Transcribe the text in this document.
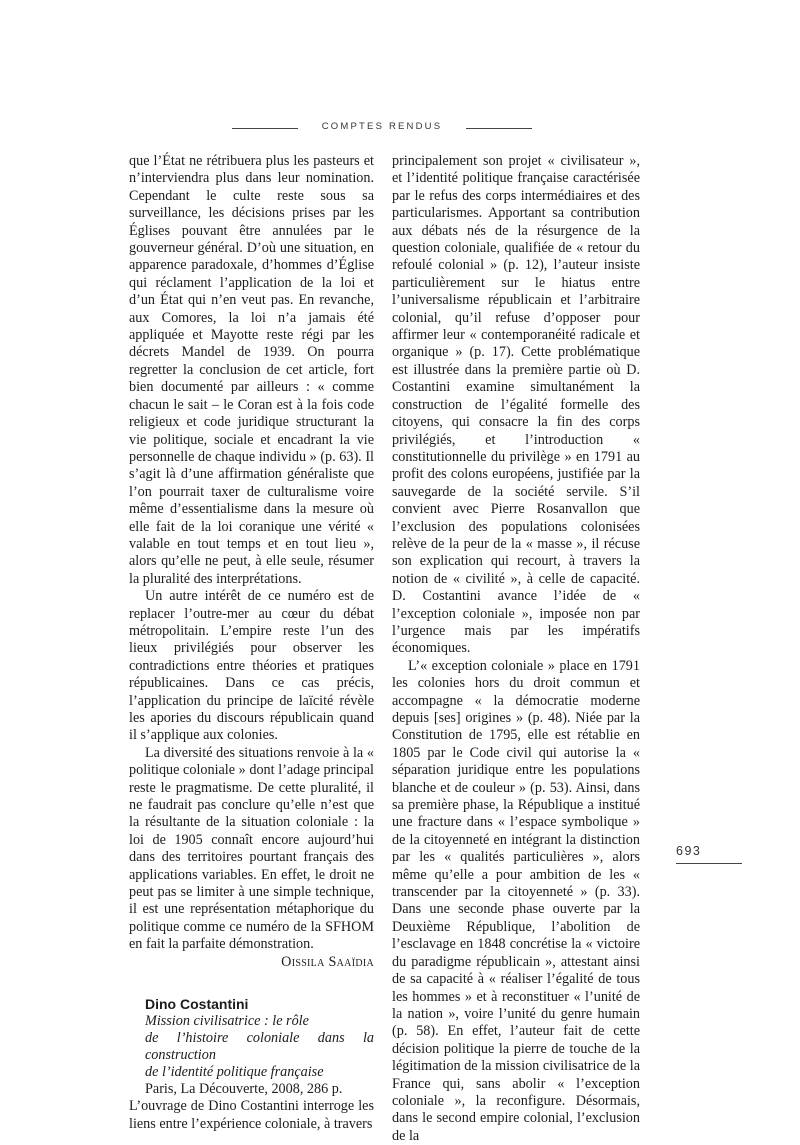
COMPTES RENDUS

que l’État ne rétribuera plus les pasteurs et n’interviendra plus dans leur nomination. Cependant le culte reste sous sa surveillance, les décisions prises par les Églises pouvant être annulées par le gouverneur général. D’où une situation, en apparence paradoxale, d’hommes d’Église qui réclament l’application de la loi et d’un État qui n’en veut pas. En revanche, aux Comores, la loi n’a jamais été appliquée et Mayotte reste régi par les décrets Mandel de 1939. On pourra regretter la conclusion de cet article, fort bien documenté par ailleurs : « comme chacun le sait – le Coran est à la fois code religieux et code juridique structurant la vie politique, sociale et encadrant la vie personnelle de chaque individu » (p. 63). Il s’agit là d’une affirmation généraliste que l’on pourrait taxer de culturalisme voire même d’essentialisme dans la mesure où elle fait de la loi coranique une vérité « valable en tout temps et en tout lieu », alors qu’elle ne peut, à elle seule, résumer la pluralité des interprétations.

Un autre intérêt de ce numéro est de replacer l’outre-mer au cœur du débat métropolitain. L’empire reste l’un des lieux privilégiés pour observer les contradictions entre théories et pratiques républicaines. Dans ce cas précis, l’application du principe de laïcité révèle les apories du discours républicain quand il s’applique aux colonies.

La diversité des situations renvoie à la « politique coloniale » dont l’adage principal reste le pragmatisme. De cette pluralité, il ne faudrait pas conclure qu’elle n’est que la résultante de la situation coloniale : la loi de 1905 connaît encore aujourd’hui dans des territoires pourtant français des applications variables. En effet, le droit ne peut pas se limiter à une simple technique, il est une représentation métaphorique du politique comme ce numéro de la SFHOM en fait la parfaite démonstration.

Oissila Saaïdia

Dino Costantini
Mission civilisatrice : le rôle
de l’histoire coloniale dans la construction
de l’identité politique française
Paris, La Découverte, 2008, 286 p.

L’ouvrage de Dino Costantini interroge les liens entre l’expérience coloniale, à travers

principalement son projet « civilisateur », et l’identité politique française caractérisée par le refus des corps intermédiaires et des particularismes. Apportant sa contribution aux débats nés de la résurgence de la question coloniale, qualifiée de « retour du refoulé colonial » (p. 12), l’auteur insiste particulièrement sur le hiatus entre l’universalisme républicain et l’arbitraire colonial, qu’il refuse d’opposer pour affirmer leur « contemporanéité radicale et organique » (p. 17). Cette problématique est illustrée dans la première partie où D. Costantini examine simultanément la construction de l’égalité formelle des citoyens, qui consacre la fin des corps privilégiés, et l’introduction « constitutionnelle du privilège » en 1791 au profit des colons européens, justifiée par la sauvegarde de la société servile. S’il convient avec Pierre Rosanvallon que l’exclusion des populations colonisées relève de la peur de la « masse », il récuse son explication qui recourt, à travers la notion de « civilité », à celle de capacité. D. Costantini avance l’idée de « l’exception coloniale », imposée non par l’urgence mais par les impératifs économiques.

L’« exception coloniale » place en 1791 les colonies hors du droit commun et accompagne « la démocratie moderne depuis [ses] origines » (p. 48). Niée par la Constitution de 1795, elle est rétablie en 1805 par le Code civil qui autorise la « séparation juridique entre les populations blanche et de couleur » (p. 53). Ainsi, dans sa première phase, la République a institué une fracture dans « l’espace symbolique » de la citoyenneté en intégrant la distinction par les « qualités particulières », alors même qu’elle a pour ambition de les « transcender par la citoyenneté » (p. 33). Dans une seconde phase ouverte par la Deuxième République, l’abolition de l’esclavage en 1848 concrétise la « victoire du paradigme républicain », attestant ainsi de sa capacité à « réaliser l’égalité de tous les hommes » et à reconstituer « l’unité de la nation », voire l’unité du genre humain (p. 58). En effet, l’auteur fait de cette décision politique la pierre de touche de la légitimation de la mission civilisatrice de la France qui, sans abolir « l’exception coloniale », la reconfigure. Désormais, dans le second empire colonial, l’exclusion de la

693
